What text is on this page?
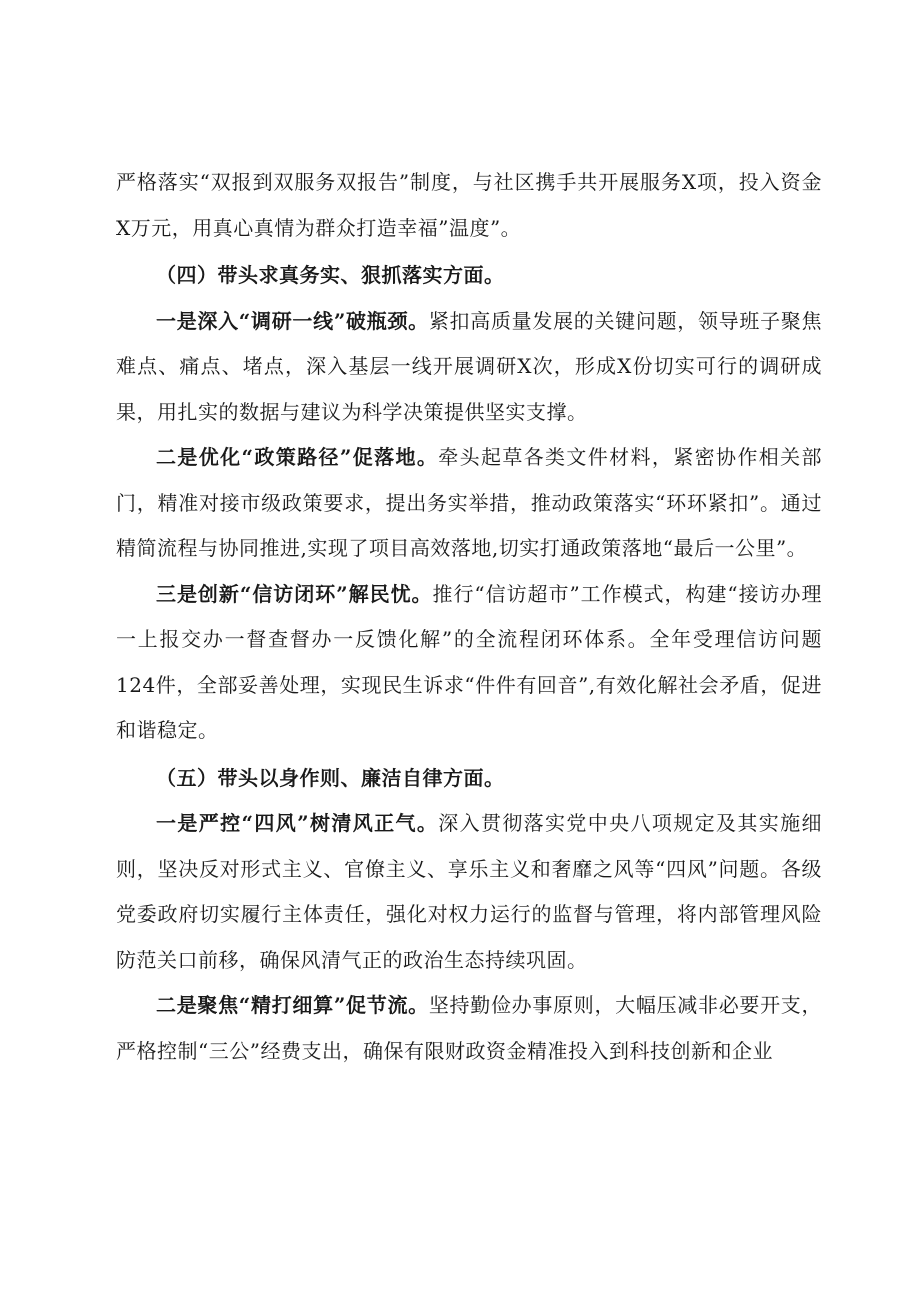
严格落实“双报到双服务双报告”制度，与社区携手共开展服务X项，投入资金X万元，用真心真情为群众打造幸福”温度”。

（四）带头求真务实、狠抓落实方面。

一是深入“调研一线”破瓶颈。紧扣高质量发展的关键问题，领导班子聚焦难点、痛点、堵点，深入基层一线开展调研X次，形成X份切实可行的调研成果，用扎实的数据与建议为科学决策提供坚实支撑。

二是优化“政策路径”促落地。牵头起草各类文件材料，紧密协作相关部门，精准对接市级政策要求，提出务实举措，推动政策落实“环环紧扣”。通过精简流程与协同推进,实现了项目高效落地,切实打通政策落地“最后一公里”。

三是创新“信访闭环”解民忧。推行“信访超市”工作模式，构建“接访办理一上报交办一督查督办一反馈化解”的全流程闭环体系。全年受理信访问题124件，全部妥善处理，实现民生诉求“件件有回音”,有效化解社会矛盾，促进和谐稳定。

（五）带头以身作则、廉洁自律方面。

一是严控“四风”树清风正气。深入贯彻落实党中央八项规定及其实施细则，坚决反对形式主义、官僚主义、享乐主义和奢靡之风等“四风”问题。各级党委政府切实履行主体责任，强化对权力运行的监督与管理，将内部管理风险防范关口前移，确保风清气正的政治生态持续巩固。

二是聚焦“精打细算”促节流。坚持勤俭办事原则，大幅压减非必要开支，严格控制“三公”经费支出，确保有限财政资金精准投入到科技创新和企业
